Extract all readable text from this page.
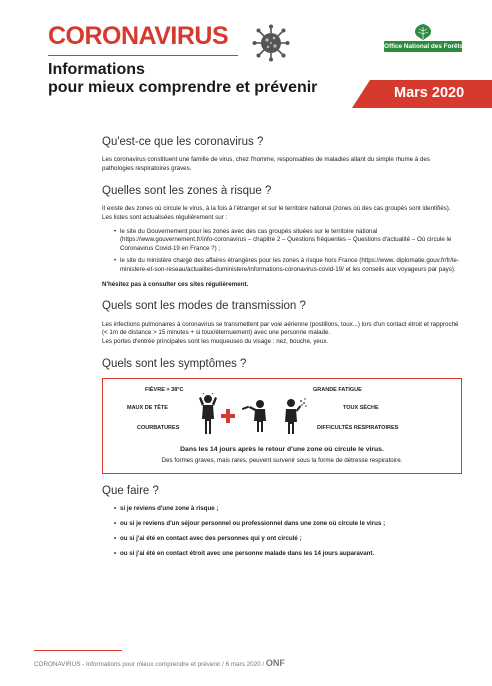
CORONAVIRUS	Office National des Forêts
Informations
pour mieux comprendre et prévenir	Mars 2020
Qu'est-ce que les coronavirus ?

Les coronavirus constituent une famille de virus, chez l'homme, responsables de maladies allant du simple rhume à des pathologies respiratoires graves.

Quelles sont les zones à risque ?

Il existe des zones où circule le virus, à la fois à l'étranger et sur le territoire national (zones où des cas groupés sont identifiés). Les listes sont actualisées régulièrement sur :

• le site du Gouvernement pour les zones avec des cas groupés situées sur le territoire national (https://www.gouvernement.fr/info-coronavirus – chapitre 2 – Questions fréquentes – Questions d'actualité – Où circule le Coronavirus Covid-19 en France ?) ;
• le site du ministère chargé des affaires étrangères pour les zones à risque hors France (https://www. diplomatie.gouv.fr/fr/le-ministere-et-son-reseau/actualites-duministere/informations-coronavirus-covid-19/ et les conseils aux voyageurs par pays).

N'hésitez pas à consulter ces sites régulièrement.

Quels sont les modes de transmission ?

Les infections pulmonaires à coronavirus se transmettent par voie aérienne (postillons, toux...) lors d'un contact étroit et rapproché (< 1m de distance > 15 minutes + si toux/éternuement) avec une personne malade.

Les portes d'entrée principales sont les muqueuses du visage : nez, bouche, yeux.

Quels sont les symptômes ?
FIÈVRE > 38°C
MAUX DE TÊTE
COURBATURES
GRANDE FATIGUE
TOUX SÈCHE
DIFFICULTÉS RESPIRATOIRES
Dans les 14 jours après le retour d'une zone où circule le virus.
Des formes graves, mais rares, peuvent survenir sous la forme de détresse respiratoire.
Que faire ?
• si je reviens d'une zone à risque ;
• ou si je reviens d'un séjour personnel ou professionnel dans une zone où circule le virus ;
• ou si j'ai été en contact avec des personnes qui y ont circulé ;
• ou si j'ai été en contact étroit avec une personne malade dans les 14 jours auparavant.
CORONAVIRUS - Informations pour mieux comprendre et prévenir / 6 mars 2020 / ONF
